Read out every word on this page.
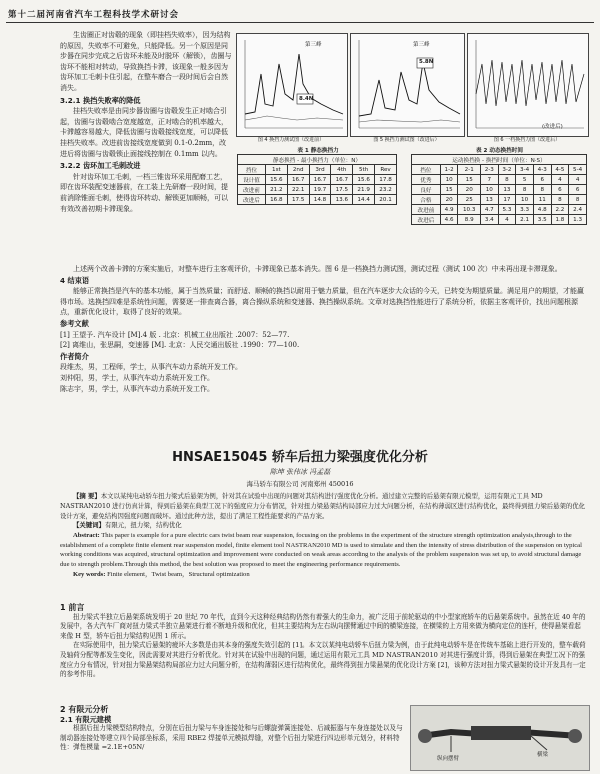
第十二届河南省汽车工程科技学术研讨会
生齿圈正对齿毂的现象（即挂档失败率），因为结构的原因，失败率不可避免，只能降低。另一个原因是同步器在同步完成之后齿环未能及时脱环（解锁），齿圈与齿环不能相对转动，导致换挡卡滞，该现象一般多因为齿环加工毛刺卡住引起，在整车磨合一段时间后会自然消失。
3.2.1 换挡失败率的降低
挂档失败率是由同步器齿圈与齿毂发生正对啮合引起，齿圈与齿毂啮合宽度越宽，正对啮合的机率越大，卡滞越容易越大，降低齿圈与齿毂接线宽度，可以降低挂档失败率。改进前齿接线宽度做到 0.1-0.2mm，改进后将齿圈与齿毂锁止面接线控制在 0.1mm 以内。
3.2.2 齿环加工毛刺改进
针对齿环加工毛刺，一档三锥齿环采用配磨工艺，即在齿环装配变速器前，在工装上先研磨一段时间，提前消除锥面毛刺，使得齿环转动、解锁更加顺畅，可以有效改善初期卡滞现象。
第三峰
8.4N
图 4 换挡力测试图（改进前）
第三峰
5.8N
图 5 换挡力测试图（改进后）
(改进后)
图 6 一档换挡力图（改进后）
表 1 静态换挡力
静态换挡 - 最小换挡力（单位：N）						
挡位	1st	2nd	3rd	4th	5th	Rev
设计值	15.6	16.7	16.7	16.7	15.6	17.8
改进前	21.2	22.1	19.7	17.5	21.9	23.2
改进后	16.8	17.5	14.8	13.6	14.4	20.1
表 2 动态换挡时间
运动换挡换 - 换挡时间（单位：N·S）								
挡位	1-2	2-1	2-3	3-2	3-4	4-3	4-5	5-4
优秀	10	15	7	8	5	6	4	4
良好	15	20	10	13	8	8	6	6
合格	20	25	13	17	10	11	8	8
改进前	4.9	10.3	4.7	5.3	3.3	4.8	2.2	2.4
改进后	4.6	8.9	3.4	4	2.1	3.5	1.8	1.3
上述两个改善卡滞的方案实施后，对整车进行主客观评价，卡滞现象已基本消失。图 6 是一档换挡力测试图，测试过程（测试 100 次）中未再出现卡滞现象。
4 结束语
能够正常换挡是汽车的基本功能，属于当然质量；而舒适、顺畅的换挡以耐用于魅力质量，但在汽车逐步大众话的今天，已转变为期望质量。满足用户的期望，才能赢得市场。选换挡四难是系统性问题，需要逐一排查离合器，离合操纵系统和变速器、换挡操纵系统。文章对选换挡性能进行了系统分析，依据主客观评价，找出问题根源点，重新优化设计，取得了良好的效果。
参考文献
[1] 王望予. 汽车设计 [M].4 版 . 北京：机械工业出版社 .2007：52—77.
[2] 离维山，张思嗣，变速器 [M]. 北京：人民交通出版社 .1990：77—100.
作者简介
段维杰，男，工程师，学士，从事汽车动力系统开发工作。
刘仲阳，男，学士，从事汽车动力系统开发工作。
陈志宇，男，学士，从事汽车动力系统开发工作。
HNSAE15045 轿车后扭力梁强度优化分析
陈坤 张伟冰 冯孟磊
海马轿车有限公司 河南郑州 450016
【摘 要】本文以某纯电动轿车扭力梁式后悬架为例，针对其在试验中出现的问题对其结构进行强度优化分析。通过建立完整的后悬架有限元模型，运用有限元工具 MD NASTRAN2010 进行仿真计算，得到后悬架在典型工况下的强度应力分布情况，针对扭力梁悬架结构局部应力过大问题分析，在结构薄弱区进行结构优化，最终得到扭力梁后悬架的优化设计方案，避免结构因强度问题而破坏。通过此种方法，提出了满足工程性能要求的产品方案。
【关键词】有限元，扭力梁，结构优化
Abstract: This paper is example for a pure electric cars twist beam rear suspension, focusing on the problems in the experiment of the structure strength optimization analysis,through to the establishment of a complete finite element rear suspension model, finite element tool NASTRAN2010 MD is used to simulate and then the intensity of stress distribution of the suspension on typical working conditions was acquired, structural optimization and improvement were conducted on weak areas according to the analysis of the problem suspension was set up, to avoid structural damage due to strength problem.Through this method, the best solution was proposed to meet the engineering performance requirements.
Key words: Finite element，Twist beam，Structural optimization
1 前言
扭力梁式半独立后悬架系统发明于 20 世纪 70 年代，直到今天这种经典结构仍然有着强大的生命力，被广泛用于前轮驱动的中小型家庭轿车的后悬架系统中。虽然在近 40 年的发展中，各大汽车厂商对扭力梁式半独立悬架进行着不断地升级和优化，但其主要结构为左右纵向摆臂通过中间的横梁连接，在横梁的上方用来做为横向定位的连杆，使得悬架看起来像 H 型，轿车后扭力梁结构见图 1 所示。
在实际使用中，扭力梁式后悬架的疲坏大多数是由其本身的强度失效引起的 [1]。本文以某纯电动轿车后扭力梁为例，由于此纯电动轿车是在传统车基础上进行开发的，整车载荷及轴荷分配等都发生变化，因此需要对其进行分析优化。针对其在试验中出现的问题，通过运用有限元工具 MD NASTRAN2010 对其进行强度计算，得到后悬架在典型工况下的强度应力分布情况，针对扭力梁悬架结构局部应力过大问题分析，在结构薄弱区进行结构优化，最终得到扭力梁悬架的优化设计方案 [2]，该种方法对扭力梁式悬架的设计开发具有一定的参考作用。
2 有限元分析
2.1 有限元建模
根据后扭力梁模型结构特点，分别在后扭力梁与车身连接处和与后螺旋弹簧连接处、后减振器与车身连接处以及与制动器连接处等建立四个局部坐标系，采用 RBE2 焊接单元模拟焊缝，对整个后扭力梁进行四边形单元划分，材料特性：弹性模量 =2.1E+05N/
纵向摆臂
横梁
